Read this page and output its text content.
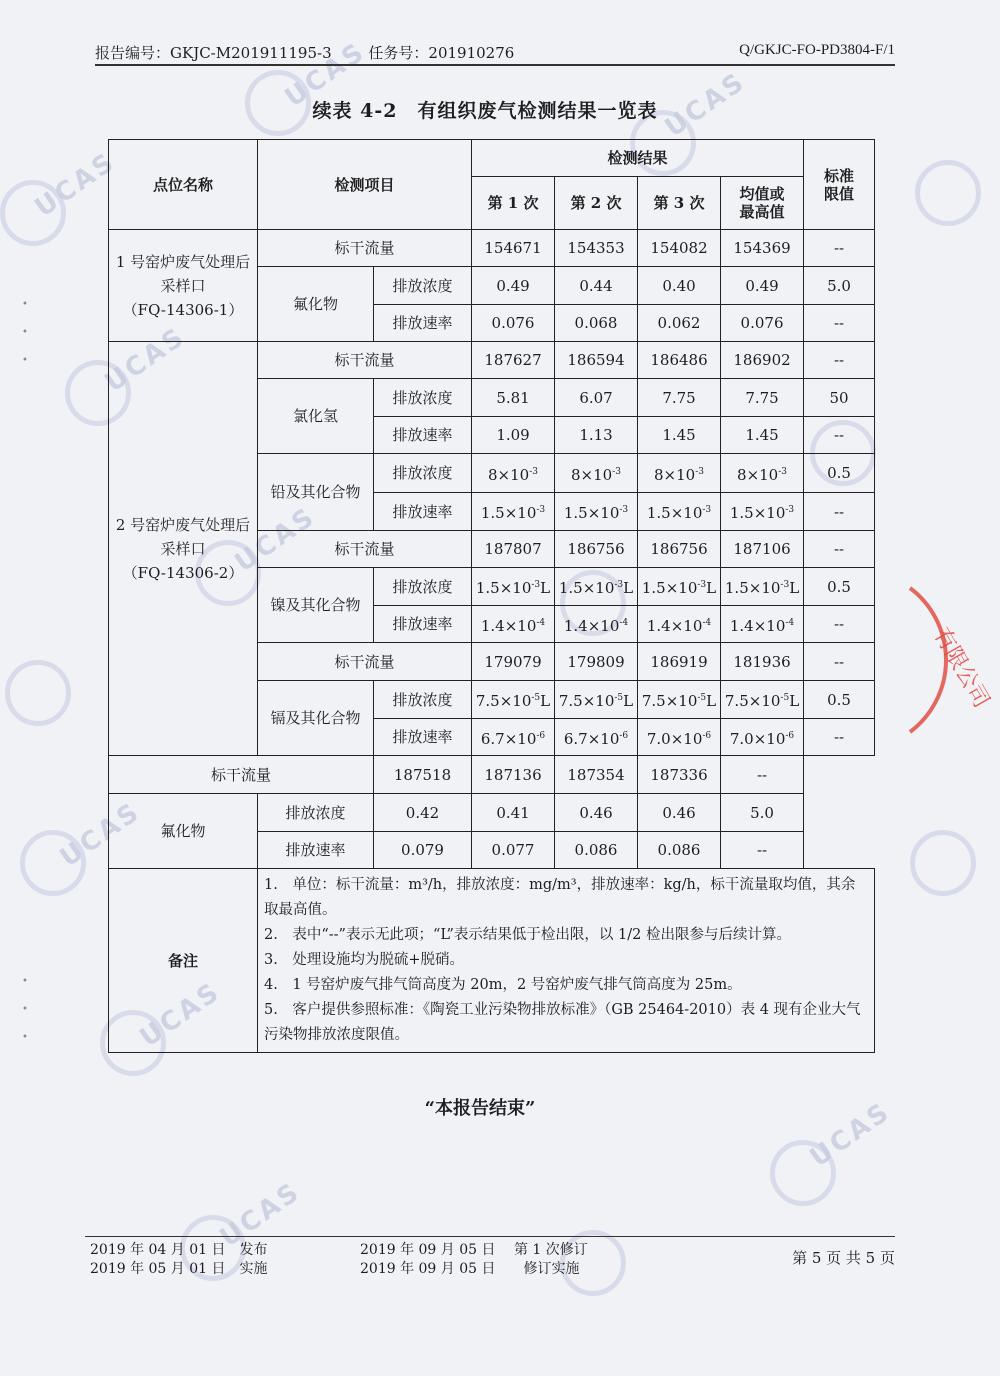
UCAS	UCAS
UCAS
UCAS
UCAS
UCAS
UCAS
UCAS
UCAS
•

•

•
•

•

•
报告编号：GKJC-M201911195-3 任务号：201910276	Q/GKJC-FO-PD3804-F/1
续表 4-2　有组织废气检测结果一览表
点位名称	检测项目		检测结果				标准限值

			第 1 次	第 2 次	第 3 次	均值或最高值	

1 号窑炉废气处理后
采样口
（FQ-14306-1）	标干流量		154671	154353	154082	154369	--
	氟化物	排放浓度	0.49	0.44	0.40	0.49	5.0
		排放速率	0.076	0.068	0.062	0.076	--

2 号窑炉废气处理后
采样口
（FQ-14306-2）	标干流量		187627	186594	186486	186902	--
	氯化氢	排放浓度	5.81	6.07	7.75	7.75	50
		排放速率	1.09	1.13	1.45	1.45	--
	铅及其化合物	排放浓度	$8\times 10^{-3}$	$8\times 10^{-3}$	$8\times 10^{-3}$	$8\times 10^{-3}$	0.5
		排放速率	$1.5\times 10^{-3}$	$1.5\times 10^{-3}$	$1.5\times 10^{-3}$	$1.5\times 10^{-3}$	--
	标干流量		187807	186756	186756	187106	--
	镍及其化合物	排放浓度	$1.5\times 10^{-3}L$	$1.5\times 10^{-3}L$	$1.5\times 10^{-3}L$	$1.5\times 10^{-3}L$	0.5
		排放速率	$1.4\times 10^{-4}$	$1.4\times 10^{-4}$	$1.4\times 10^{-4}$	$1.4\times 10^{-4}$	--
	标干流量		179079	179809	186919	181936	--
	镉及其化合物	排放浓度	$7.5\times 10^{-5}L$	$7.5\times 10^{-5}L$	$7.5\times 10^{-5}L$	$7.5\times 10^{-5}L$	0.5
		排放速率	$6.7\times 10^{-6}$	$6.7\times 10^{-6}$	$7.0\times 10^{-6}$	$7.0\times 10^{-6}$	--
标干流量		187518	187136	187354	187336	--	
氟化物	排放浓度	0.42	0.41	0.46	0.46	5.0	
	排放速率	0.079	0.077	0.086	0.086	--	
备注	1.　单位：标干流量：m³/h，排放浓度：mg/m³，排放速率：kg/h，标干流量取均值，其余取最高值。
2.　表中“--”表示无此项；“L”表示结果低于检出限，以 1/2 检出限参与后续计算。
3.　处理设施均为脱硫+脱硝。
4.　1 号窑炉废气排气筒高度为 20m，2 号窑炉废气排气筒高度为 25m。
5.　客户提供参照标准：《陶瓷工业污染物排放标准》（GB 25464-2010）表 4 现有企业大气污染物排放浓度限值。						
“本报告结束”
有限公司
2019 年 04 月 01 日　发布
2019 年 05 月 01 日　实施
2019 年 09 月 05 日　 第 1 次修订
2019 年 09 月 05 日　　修订实施
第 5 页 共 5 页
